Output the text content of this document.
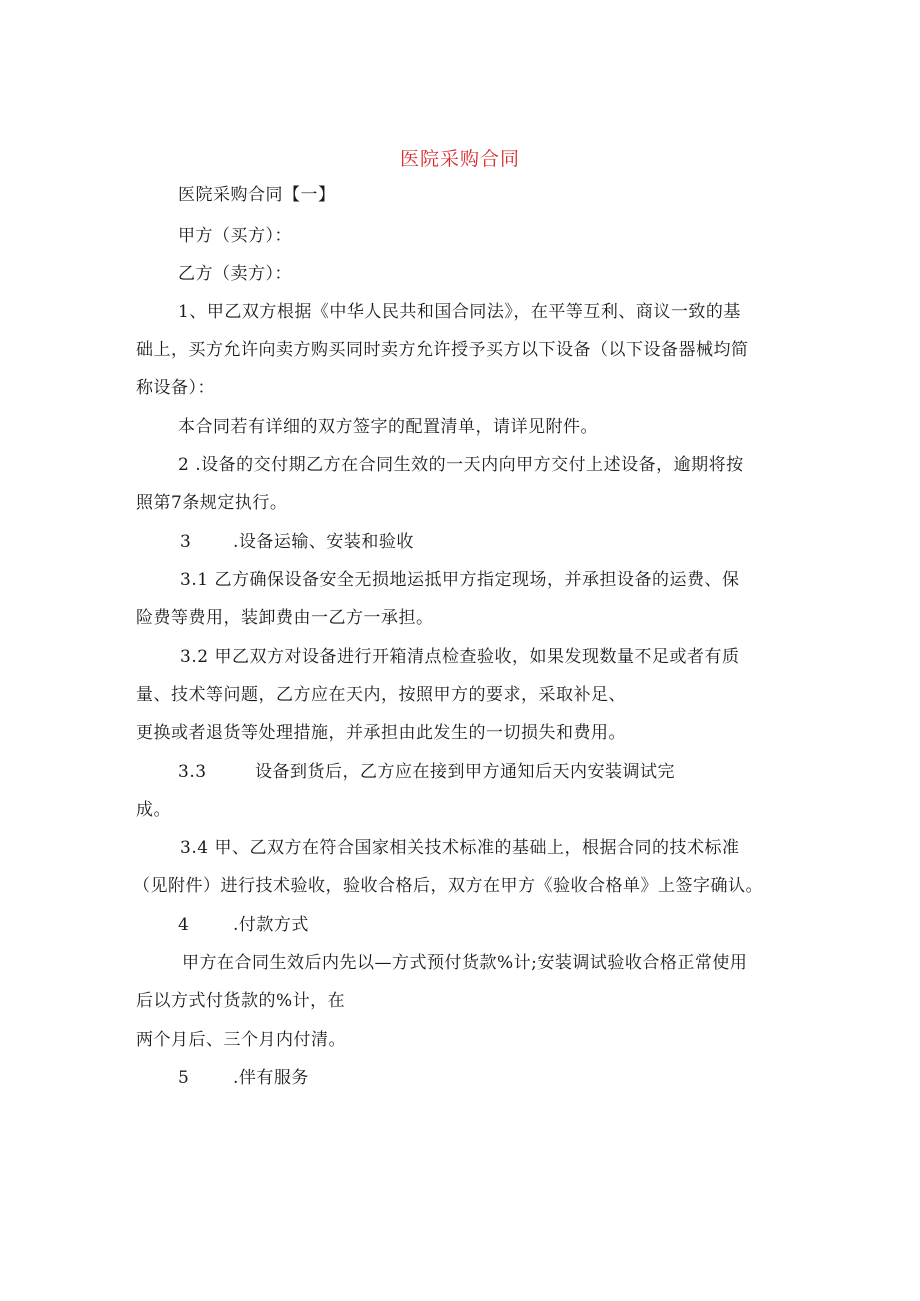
医院采购合同
医院采购合同【一】
甲方（买方）：
乙方（卖方）：
1、甲乙双方根据《中华人民共和国合同法》，在平等互利、商议一致的基
础上，买方允许向卖方购买同时卖方允许授予买方以下设备（以下设备器械均简
称设备）：
本合同若有详细的双方签字的配置清单，请详见附件。
2 .设备的交付期乙方在合同生效的一天内向甲方交付上述设备，逾期将按
照第7条规定执行。
3 .设备运输、安装和验收
3.1 乙方确保设备安全无损地运抵甲方指定现场，并承担设备的运费、保
险费等费用，装卸费由一乙方一承担。
3.2 甲乙双方对设备进行开箱清点检查验收，如果发现数量不足或者有质
量、技术等问题，乙方应在天内，按照甲方的要求，采取补足、
更换或者退货等处理措施，并承担由此发生的一切损失和费用。
3.3	设备到货后，乙方应在接到甲方通知后天内安装调试完
成。
3.4 甲、乙双方在符合国家相关技术标准的基础上，根据合同的技术标准
（见附件）进行技术验收，验收合格后，双方在甲方《验收合格单》上签字确认。
4	.付款方式
甲方在合同生效后内先以—方式预付货款%计;安装调试验收合格正常使用
后以方式付货款的%计，在
两个月后、三个月内付清。
5	.伴有服务
